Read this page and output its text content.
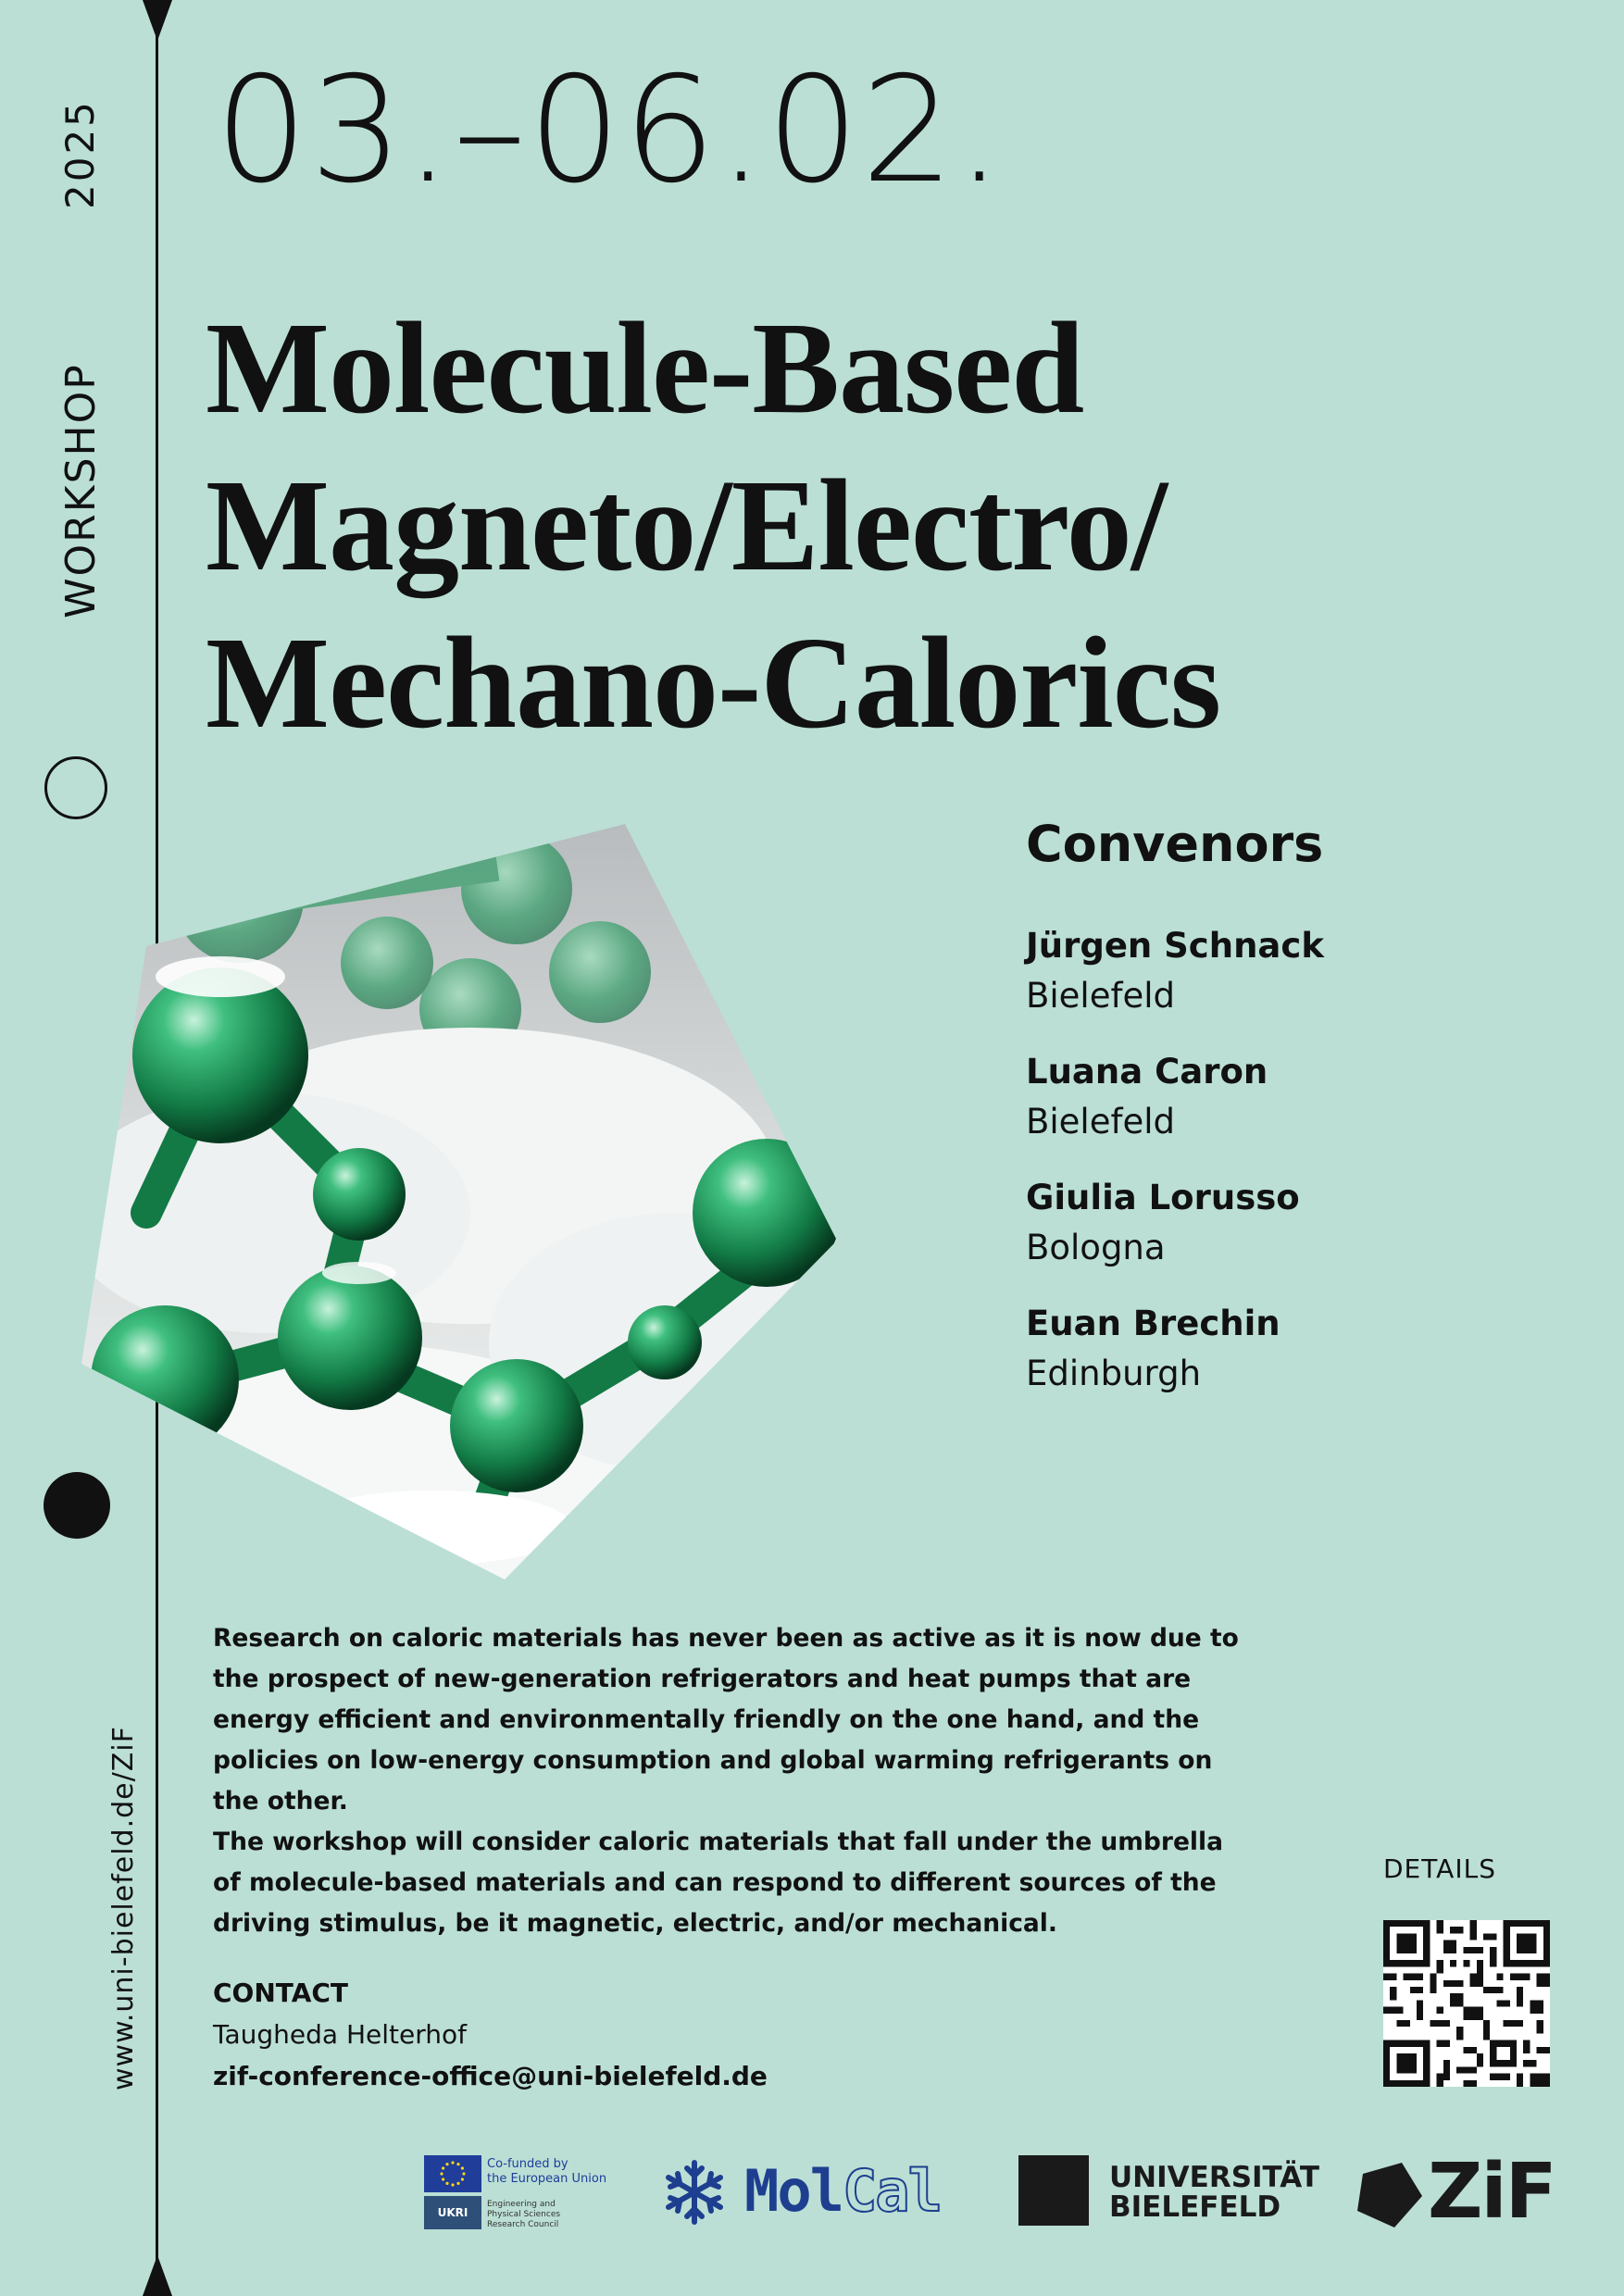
2025
WORKSHOP
www.uni-bielefeld.de/ZiF
03.–06.02.
Molecule-Based
Magneto/Electro/
Mechano-Calorics
Convenors
Jürgen Schnack
Bielefeld
Luana Caron
Bielefeld
Giulia Lorusso
Bologna
Euan Brechin
Edinburgh

Research on caloric materials has never been as active as it is now due to the prospect of new-generation refrigerators and heat pumps that are energy efficient and environmentally friendly on the one hand, and the policies on low-energy consumption and global warming refrigerants on the other.

The workshop will consider caloric materials that fall under the umbrella of molecule-based materials and can respond to different sources of the driving stimulus, be it magnetic, electric, and/or mechanical.

CONTACT
Taugheda Helterhof
zif-conference-office@uni-bielefeld.de
DETAILS
Co-funded by
the European Union
UKRI
Engineering and
Physical Sciences
Research Council	MolCal	UNIVERSITÄT
BIELEFELD	ZiF
